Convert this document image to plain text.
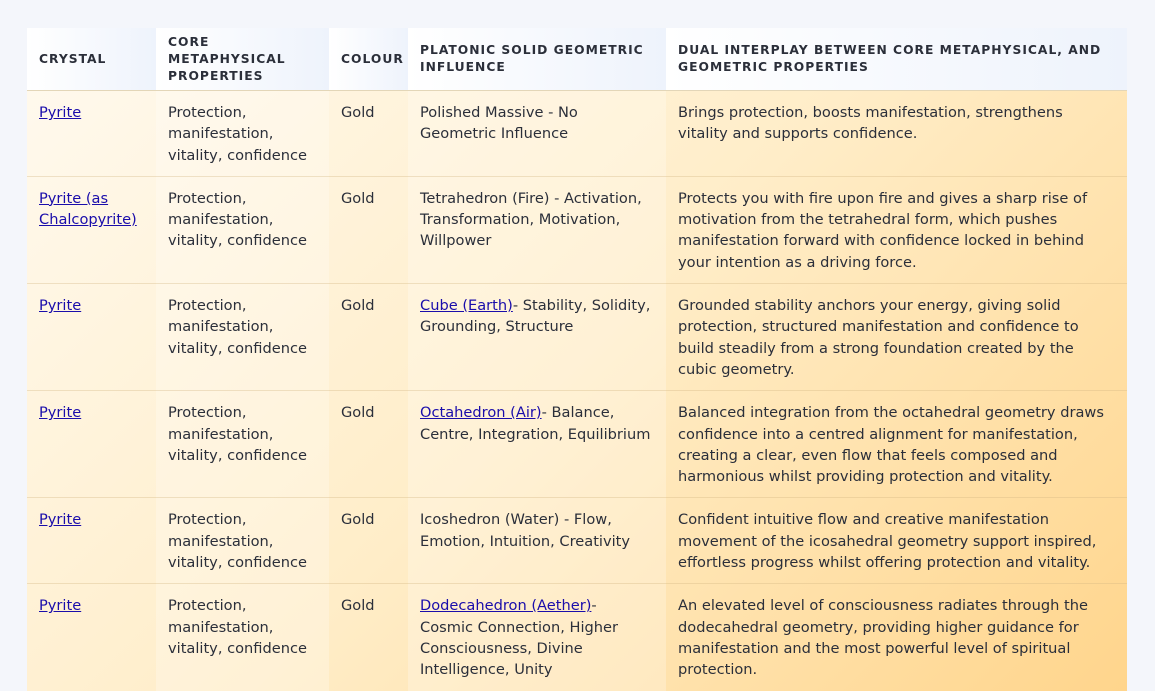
CRYSTAL	CORE METAPHYSICAL PROPERTIES	COLOUR	PLATONIC SOLID GEOMETRIC INFLUENCE	DUAL INTERPLAY BETWEEN CORE METAPHYSICAL, AND GEOMETRIC PROPERTIES
Pyrite	Protection, manifestation, vitality, confidence	Gold	Polished Massive - No Geometric Influence	Brings protection, boosts manifestation, strengthens vitality and supports confidence.
Pyrite (as Chalcopyrite)	Protection, manifestation, vitality, confidence	Gold	Tetrahedron (Fire) - Activation, Transformation, Motivation, Willpower	Protects you with fire upon fire and gives a sharp rise of motivation from the tetrahedral form, which pushes manifestation forward with confidence locked in behind your intention as a driving force.
Pyrite	Protection, manifestation, vitality, confidence	Gold	Cube (Earth)- Stability, Solidity, Grounding, Structure	Grounded stability anchors your energy, giving solid protection, structured manifestation and confidence to build steadily from a strong foundation created by the cubic geometry.
Pyrite	Protection, manifestation, vitality, confidence	Gold	Octahedron (Air)- Balance, Centre, Integration, Equilibrium	Balanced integration from the octahedral geometry draws confidence into a centred alignment for manifestation, creating a clear, even flow that feels composed and harmonious whilst providing protection and vitality.
Pyrite	Protection, manifestation, vitality, confidence	Gold	Icoshedron (Water) - Flow, Emotion, Intuition, Creativity	Confident intuitive flow and creative manifestation movement of the icosahedral geometry support inspired, effortless progress whilst offering protection and vitality.
Pyrite	Protection, manifestation, vitality, confidence	Gold	Dodecahedron (Aether)- Cosmic Connection, Higher Consciousness, Divine Intelligence, Unity	An elevated level of consciousness radiates through the dodecahedral geometry, providing higher guidance for manifestation and the most powerful level of spiritual protection.
